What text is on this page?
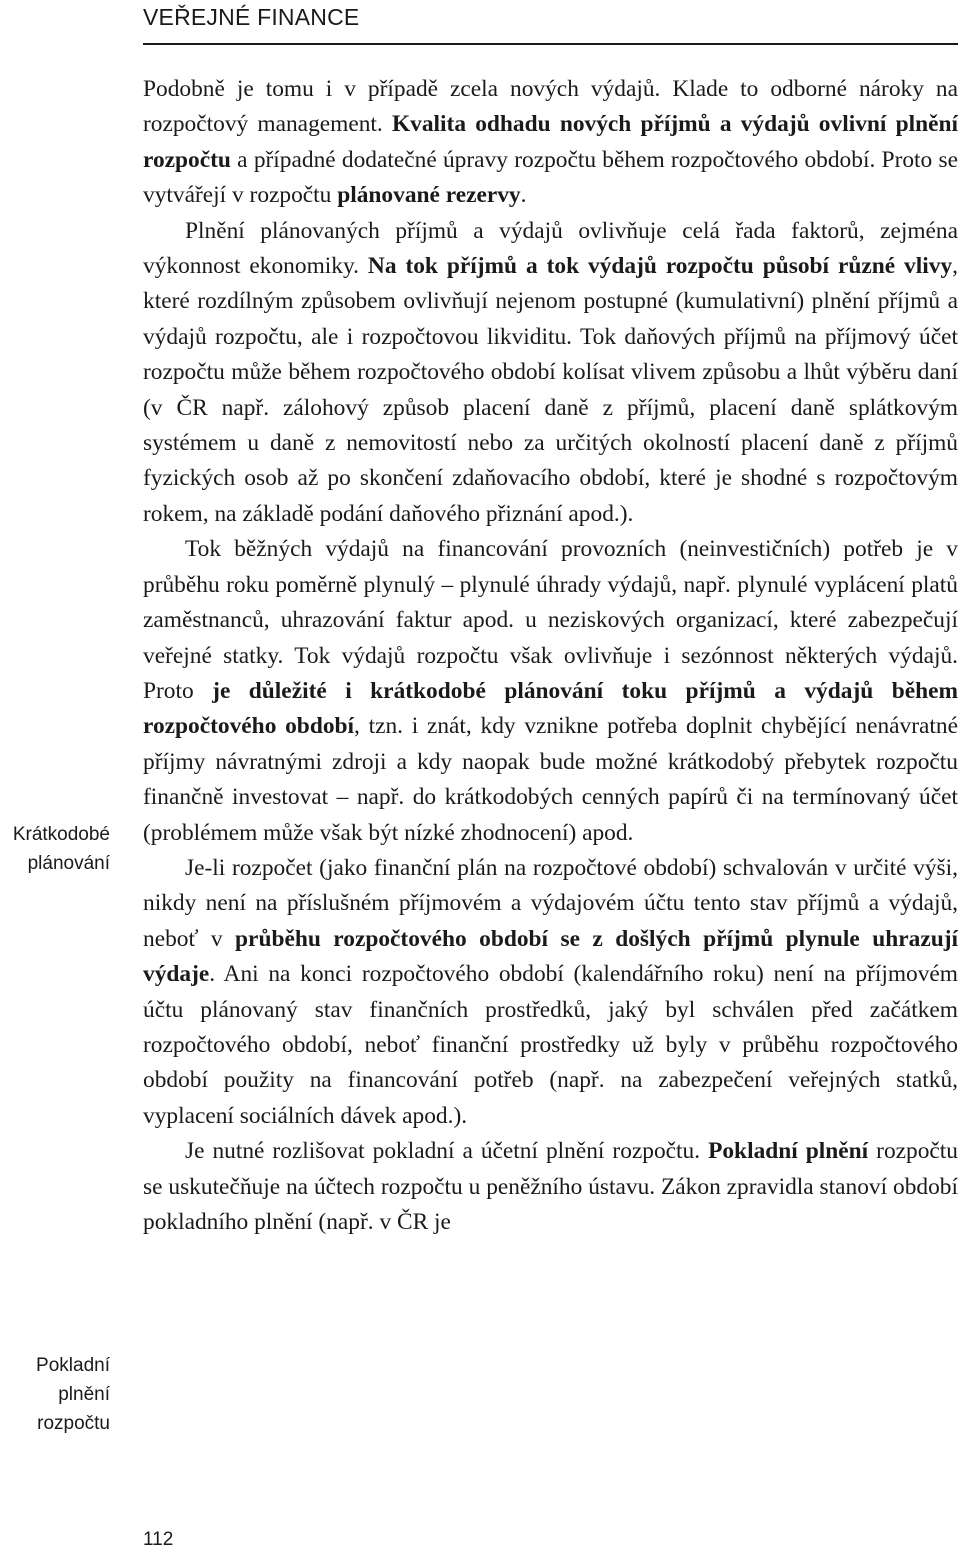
VEŘEJNÉ FINANCE
Krátkodobé
plánování
Pokladní
plnění
rozpočtu

Podobně je tomu i v případě zcela nových výdajů. Klade to odborné nároky na rozpočtový management. Kvalita odhadu nových příjmů a výdajů ovlivní plnění rozpočtu a případné dodatečné úpravy rozpočtu během rozpočtového období. Proto se vytvářejí v rozpočtu plánované rezervy.

Plnění plánovaných příjmů a výdajů ovlivňuje celá řada faktorů, zejména výkonnost ekonomiky. Na tok příjmů a tok výdajů rozpočtu působí různé vlivy, které rozdílným způsobem ovlivňují nejenom postupné (kumulativní) plnění příjmů a výdajů rozpočtu, ale i rozpočtovou likviditu. Tok daňových příjmů na příjmový účet rozpočtu může během rozpočtového období kolísat vlivem způsobu a lhůt výběru daní (v ČR např. zálohový způsob placení daně z příjmů, placení daně splátkovým systémem u daně z nemovitostí nebo za určitých okolností placení daně z příjmů fyzických osob až po skončení zdaňovacího období, které je shodné s rozpočtovým rokem, na základě podání daňového přiznání apod.).

Tok běžných výdajů na financování provozních (neinvestičních) potřeb je v průběhu roku poměrně plynulý – plynulé úhrady výdajů, např. plynulé vyplácení platů zaměstnanců, uhrazování faktur apod. u neziskových organizací, které zabezpečují veřejné statky. Tok výdajů rozpočtu však ovlivňuje i sezónnost některých výdajů. Proto je důležité i krátkodobé plánování toku příjmů a výdajů během rozpočtového období, tzn. i znát, kdy vznikne potřeba doplnit chybějící nenávratné příjmy návratnými zdroji a kdy naopak bude možné krátkodobý přebytek rozpočtu finančně investovat – např. do krátkodobých cenných papírů či na termínovaný účet (problémem může však být nízké zhodnocení) apod.

Je-li rozpočet (jako finanční plán na rozpočtové období) schvalován v určité výši, nikdy není na příslušném příjmovém a výdajovém účtu tento stav příjmů a výdajů, neboť v průběhu rozpočtového období se z došlých příjmů plynule uhrazují výdaje. Ani na konci rozpočtového období (kalendářního roku) není na příjmovém účtu plánovaný stav finančních prostředků, jaký byl schválen před začátkem rozpočtového období, neboť finanční prostředky už byly v průběhu rozpočtového období použity na financování potřeb (např. na zabezpečení veřejných statků, vyplacení sociálních dávek apod.).

Je nutné rozlišovat pokladní a účetní plnění rozpočtu. Pokladní plnění rozpočtu se uskutečňuje na účtech rozpočtu u peněžního ústavu. Zákon zpravidla stanoví období pokladního plnění (např. v ČR je

112
